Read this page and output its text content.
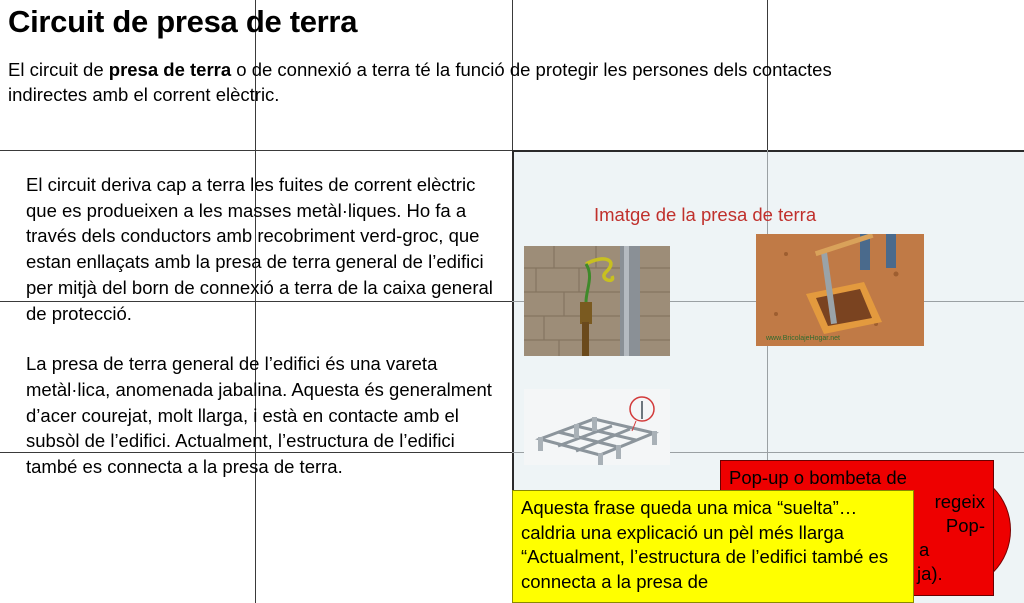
Circuit de presa de terra

El circuit de presa de terra o de connexió a terra té la funció de protegir les persones dels contactes indirectes amb el corrent elèctric.

El circuit deriva cap a terra les fuites de corrent elèctric que es produeixen a les masses metàl·liques. Ho fa a través dels conductors amb recobriment verd-groc, que estan enllaçats amb la presa de terra general de l’edifici per mitjà del born de connexió a terra de la caixa general de protecció.

La presa de terra general de l’edifici és una vareta metàl·lica, anomenada jabalina. Aquesta és generalment d’acer courejat, molt llarga, i està en contacte amb el subsòl de l’edifici. Actualment, l’estructura de l’edifici també es connecta a la presa de terra.

Imatge de la presa de terra
www.BricolajeHogar.net
Pop-up o bombeta de
regeix
Pop-
a
ja).
Aquesta frase queda una mica “suelta”… caldria una explicació un pèl més llarga “Actualment, l’estructura de l’edifici també es connecta a la presa de
